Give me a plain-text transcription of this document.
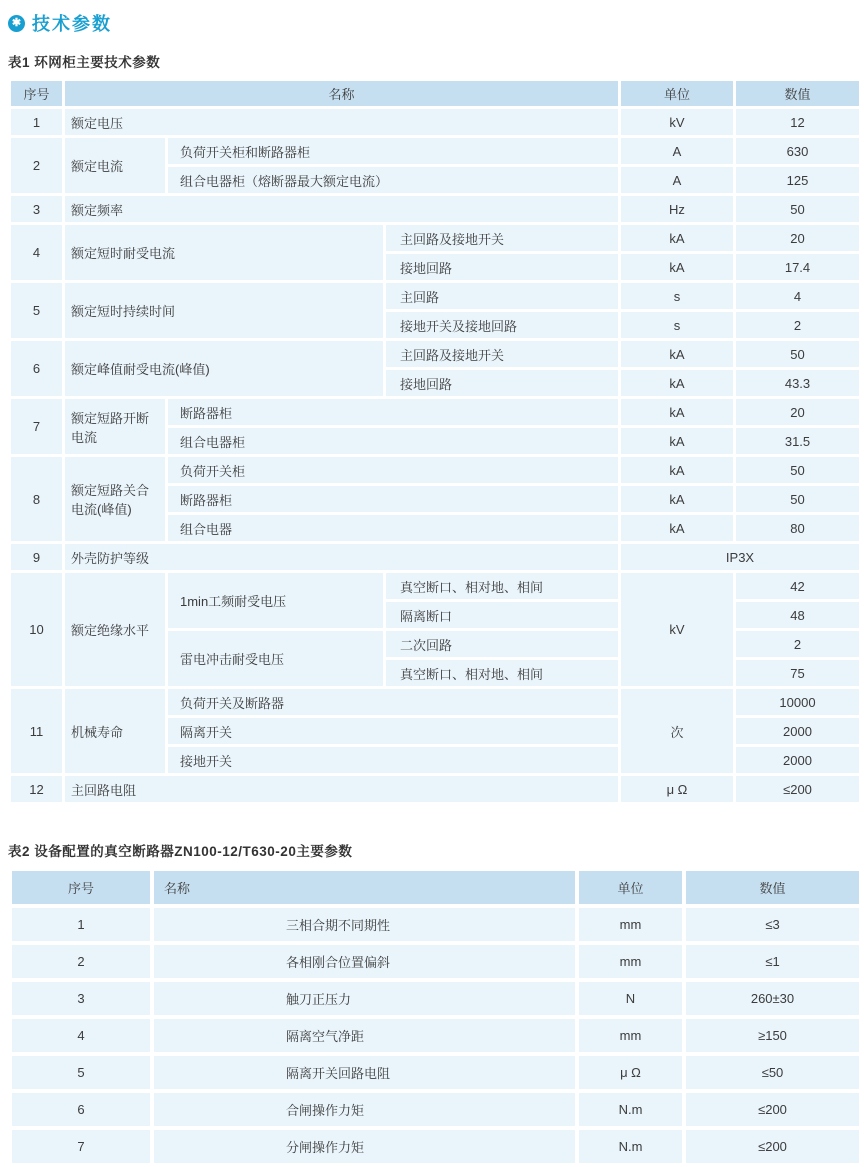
✱ 技术参数
表1 环网柜主要技术参数
序号	名称			单位	数值
1	额定电压			kV	12
2	额定电流	负荷开关柜和断路器柜		A	630
		组合电器柜（熔断器最大额定电流）		A	125
3	额定频率			Hz	50
4	额定短时耐受电流		主回路及接地开关	kA	20
			接地回路	kA	17.4
5	额定短时持续时间		主回路	s	4
			接地开关及接地回路	s	2
6	额定峰值耐受电流(峰值)		主回路及接地开关	kA	50
			接地回路	kA	43.3
7	额定短路开断电流	断路器柜		kA	20
		组合电器柜		kA	31.5
8	额定短路关合电流(峰值)	负荷开关柜		kA	50
		断路器柜		kA	50
		组合电器		kA	80
9	外壳防护等级			IP3X	
10	额定绝缘水平	1min工频耐受电压	真空断口、相对地、相间	kV	42
			隔离断口		48
		雷电冲击耐受电压	二次回路		2
			真空断口、相对地、相间		75
11	机械寿命	负荷开关及断路器		次	10000
		隔离开关			2000
		接地开关			2000
12	主回路电阻			μ Ω	≤200
表2 设备配置的真空断路器ZN100-12/T630-20主要参数
序号	名称	单位	数值
1	三相合期不同期性	mm	≤3
2	各相刚合位置偏斜	mm	≤1
3	触刀正压力	N	260±30
4	隔离空气净距	mm	≥150
5	隔离开关回路电阻	μ Ω	≤50
6	合闸操作力矩	N.m	≤200
7	分闸操作力矩	N.m	≤200
